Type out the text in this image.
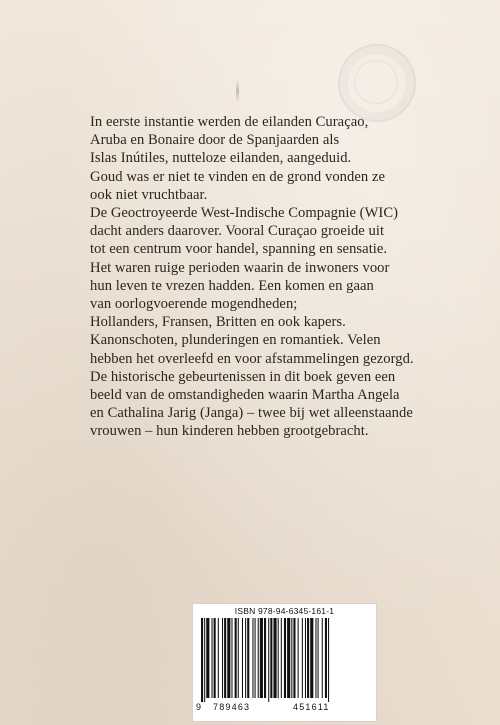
In eerste instantie werden de eilanden Curaçao,
Aruba en Bonaire door de Spanjaarden als
Islas Inútiles, nutteloze eilanden, aangeduid.
Goud was er niet te vinden en de grond vonden ze
ook niet vruchtbaar.
De Geoctroyeerde West-Indische Compagnie (WIC)
dacht anders daarover. Vooral Curaçao groeide uit
tot een centrum voor handel, spanning en sensatie.
Het waren ruige perioden waarin de inwoners voor
hun leven te vrezen hadden. Een komen en gaan
van oorlogvoerende mogendheden;
Hollanders, Fransen, Britten en ook kapers.
Kanonschoten, plunderingen en romantiek. Velen
hebben het overleefd en voor afstammelingen gezorgd.
De historische gebeurtenissen in dit boek geven een
beeld van de omstandigheden waarin Martha Angela
en Cathalina Jarig (Janga) – twee bij wet alleenstaande
vrouwen – hun kinderen hebben grootgebracht.
ISBN 978-94-6345-161-1
9 789463	451611
